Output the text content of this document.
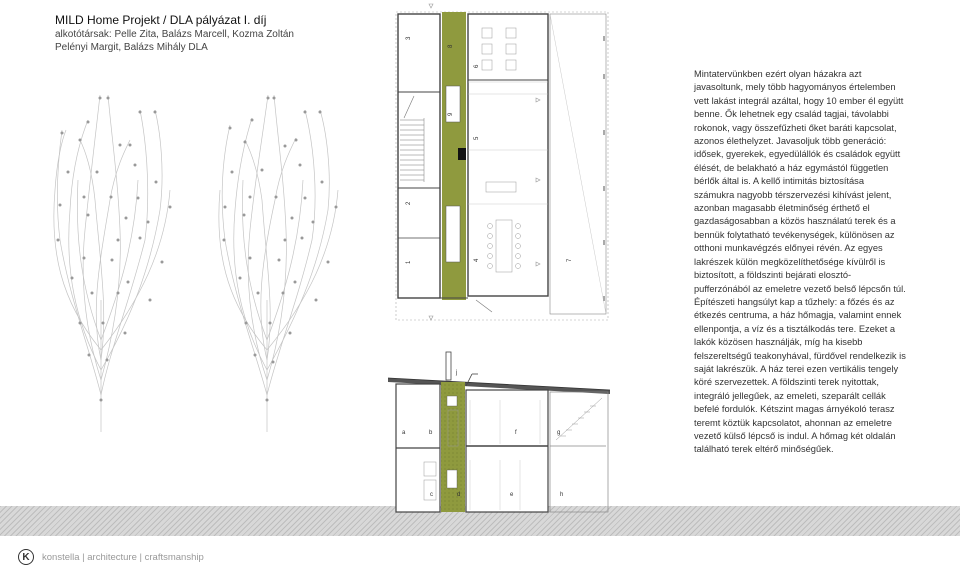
MILD Home Projekt / DLA pályázat I. díj
alkotótársak: Pelle Zita, Balázs Marcell, Kozma Zoltán
Pelényi Margit, Balázs Mihály DLA
3
8
6
9
5
2
1
4	7
j
a	b	f	g
c	d	e	h

Mintatervünkben ezért olyan házakra azt javasoltunk, mely több hagyományos értelemben vett lakást integrál azáltal, hogy 10 ember él együtt benne. Ők lehetnek egy család tagjai, távolabbi rokonok, vagy összefűzheti őket baráti kapcsolat, azonos élethelyzet. Javasoljuk több generáció: idősek, gyerekek, egyedülállók és családok együtt élését, de belakható a ház egymástól független bérlők által is. A kellő intimitás biztosítása számukra nagyobb térszervezési kihívást jelent, azonban magasabb életminőség érthető el gazdaságosabban a közös használatú terek és a bennük folytatható tevékenységek, különösen az otthoni munkavégzés előnyei révén. Az egyes lakrészek külön megközelíthetősége kívülről is biztosított, a földszinti bejárati elosztó-pufferzónából az emeletre vezető belső lépcsőn túl. Építészeti hangsúlyt kap a tűzhely: a főzés és az étkezés centruma, a ház hőmagja, valamint ennek ellenpontja, a víz és a tisztálkodás tere. Ezeket a lakók közösen használják, míg ha kisebb felszereltségű teakonyhával, fürdővel rendelkezik is saját lakrészük. A ház terei ezen vertikális tengely köré szervezettek. A földszinti terek nyitottak, integráló jellegűek, az emeleti, szeparált cellák befelé fordulók. Kétszint magas árnyékoló terasz teremt köztük kapcsolatot, ahonnan az emeletre vezető külső lépcső is indul. A hőmag két oldalán található terek eltérő minőségűek.

K	konstella | architecture | craftsmanship
